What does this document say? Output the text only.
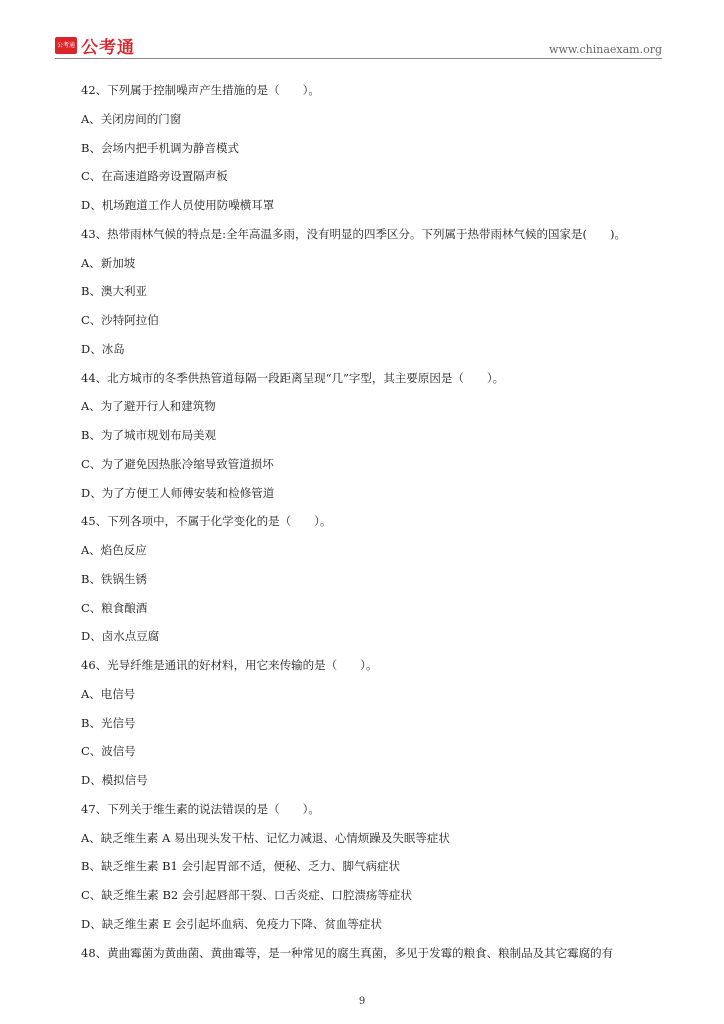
公考通 公考通	www.chinaexam.org
42、下列属于控制噪声产生措施的是（　　）。
A、关闭房间的门窗
B、会场内把手机调为静音模式
C、在高速道路旁设置隔声板
D、机场跑道工作人员使用防噪横耳罩
43、热带雨林气候的特点是:全年高温多雨，没有明显的四季区分。下列属于热带雨林气候的国家是(　　)。
A、新加坡
B、澳大利亚
C、沙特阿拉伯
D、冰岛
44、北方城市的冬季供热管道每隔一段距离呈现“几”字型，其主要原因是（　　）。
A、为了避开行人和建筑物
B、为了城市规划布局美观
C、为了避免因热胀冷缩导致管道损坏
D、为了方便工人师傅安装和检修管道
45、下列各项中，不属于化学变化的是（　　）。
A、焰色反应
B、铁锅生锈
C、粮食酿酒
D、卤水点豆腐
46、光导纤维是通讯的好材料，用它来传输的是（　　）。
A、电信号
B、光信号
C、波信号
D、模拟信号
47、下列关于维生素的说法错误的是（　　）。
A、缺乏维生素 A 易出现头发干枯、记忆力减退、心情烦躁及失眠等症状
B、缺乏维生素 B1 会引起胃部不适，便秘、乏力、脚气病症状
C、缺乏维生素 B2 会引起唇部干裂、口舌炎症、口腔溃疡等症状
D、缺乏维生素 E 会引起坏血病、免疫力下降、贫血等症状
48、黄曲霉菌为黄曲菌、黄曲霉等，是一种常见的腐生真菌，多见于发霉的粮食、粮制品及其它霉腐的有
9
